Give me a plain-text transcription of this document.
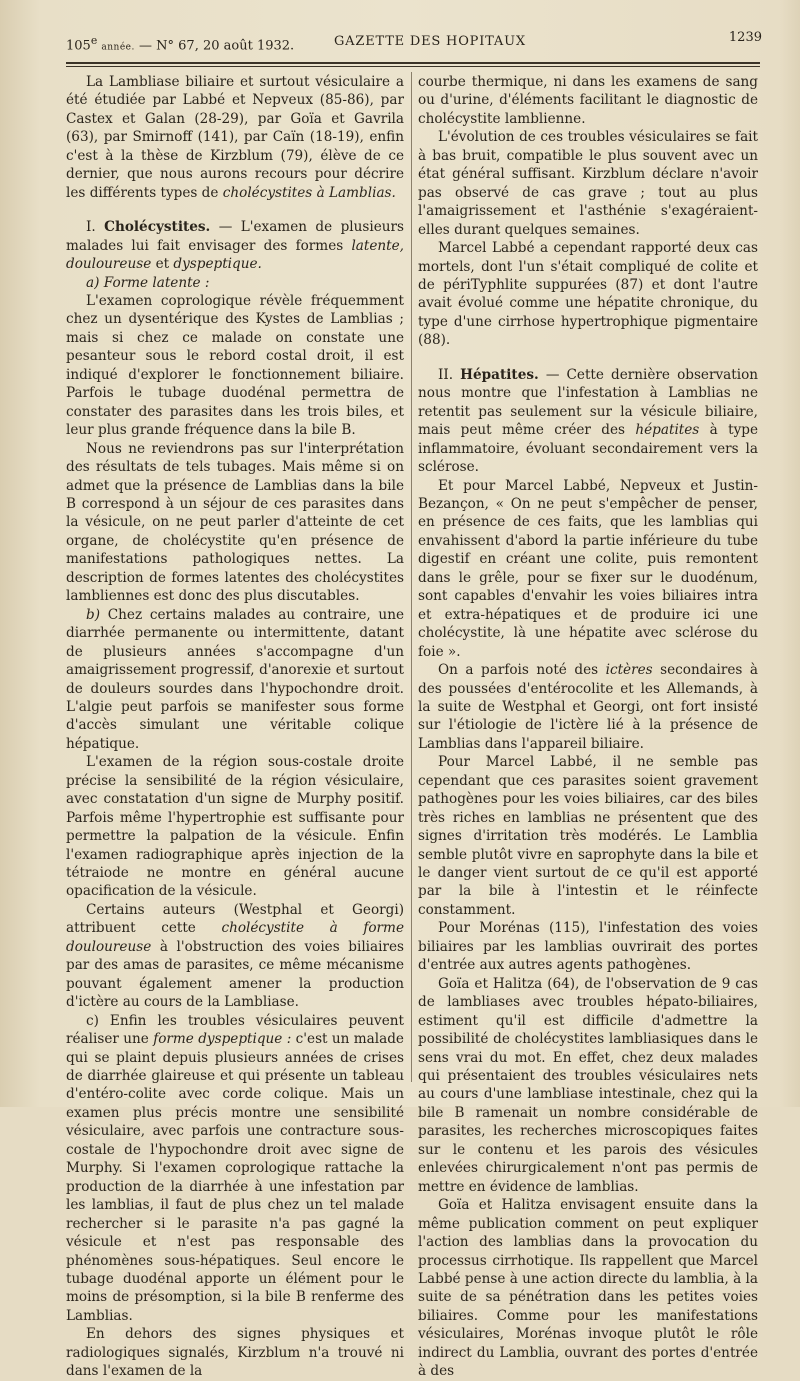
105e année. — N° 67, 20 août 1932.	GAZETTE DES HOPITAUX	1239

La Lambliase biliaire et surtout vésiculaire a été étudiée par Labbé et Nepveux (85-86), par Castex et Galan (28-29), par Goïa et Gavrila (63), par Smirnoff (141), par Caïn (18-19), enfin c'est à la thèse de Kirzblum (79), élève de ce dernier, que nous aurons recours pour décrire les différents types de cholécystites à Lamblias.

I. Cholécystites. — L'examen de plusieurs malades lui fait envisager des formes latente, douloureuse et dyspeptique.

a) Forme latente :

L'examen coprologique révèle fréquemment chez un dysentérique des Kystes de Lamblias ; mais si chez ce malade on constate une pesanteur sous le rebord costal droit, il est indiqué d'explorer le fonctionnement biliaire. Parfois le tubage duodénal permettra de constater des parasites dans les trois biles, et leur plus grande fréquence dans la bile B.

Nous ne reviendrons pas sur l'interprétation des résultats de tels tubages. Mais même si on admet que la présence de Lamblias dans la bile B correspond à un séjour de ces parasites dans la vésicule, on ne peut parler d'atteinte de cet organe, de cholécystite qu'en présence de manifestations pathologiques nettes. La description de formes latentes des cholécystites lambliennes est donc des plus discutables.

b) Chez certains malades au contraire, une diarrhée permanente ou intermittente, datant de plusieurs années s'accompagne d'un amaigrissement progressif, d'anorexie et surtout de douleurs sourdes dans l'hypochondre droit. L'algie peut parfois se manifester sous forme d'accès simulant une véritable colique hépatique.

L'examen de la région sous-costale droite précise la sensibilité de la région vésiculaire, avec constatation d'un signe de Murphy positif. Parfois même l'hypertrophie est suffisante pour permettre la palpation de la vésicule. Enfin l'examen radiographique après injection de la tétraiode ne montre en général aucune opacification de la vésicule.

Certains auteurs (Westphal et Georgi) attribuent cette cholécystite à forme douloureuse à l'obstruction des voies biliaires par des amas de parasites, ce même mécanisme pouvant également amener la production d'ictère au cours de la Lambliase.

c) Enfin les troubles vésiculaires peuvent réaliser une forme dyspeptique : c'est un malade qui se plaint depuis plusieurs années de crises de diarrhée glaireuse et qui présente un tableau d'entéro-colite avec corde colique. Mais un examen plus précis montre une sensibilité vésiculaire, avec parfois une contracture sous-costale de l'hypochondre droit avec signe de Murphy. Si l'examen coprologique rattache la production de la diarrhée à une infestation par les lamblias, il faut de plus chez un tel malade rechercher si le parasite n'a pas gagné la vésicule et n'est pas responsable des phénomènes sous-hépatiques. Seul encore le tubage duodénal apporte un élément pour le moins de présomption, si la bile B renferme des Lamblias.

En dehors des signes physiques et radiologiques signalés, Kirzblum n'a trouvé ni dans l'examen de la

courbe thermique, ni dans les examens de sang ou d'urine, d'éléments facilitant le diagnostic de cholécystite lamblienne.

L'évolution de ces troubles vésiculaires se fait à bas bruit, compatible le plus souvent avec un état général suffisant. Kirzblum déclare n'avoir pas observé de cas grave ; tout au plus l'amaigrissement et l'asthénie s'exagéraient-elles durant quelques semaines.

Marcel Labbé a cependant rapporté deux cas mortels, dont l'un s'était compliqué de colite et de périTyphlite suppurées (87) et dont l'autre avait évolué comme une hépatite chronique, du type d'une cirrhose hypertrophique pigmentaire (88).

II. Hépatites. — Cette dernière observation nous montre que l'infestation à Lamblias ne retentit pas seulement sur la vésicule biliaire, mais peut même créer des hépatites à type inflammatoire, évoluant secondairement vers la sclérose.

Et pour Marcel Labbé, Nepveux et Justin-Bezançon, « On ne peut s'empêcher de penser, en présence de ces faits, que les lamblias qui envahissent d'abord la partie inférieure du tube digestif en créant une colite, puis remontent dans le grêle, pour se fixer sur le duodénum, sont capables d'envahir les voies biliaires intra et extra-hépatiques et de produire ici une cholécystite, là une hépatite avec sclérose du foie ».

On a parfois noté des ictères secondaires à des poussées d'entérocolite et les Allemands, à la suite de Westphal et Georgi, ont fort insisté sur l'étiologie de l'ictère lié à la présence de Lamblias dans l'appareil biliaire.

Pour Marcel Labbé, il ne semble pas cependant que ces parasites soient gravement pathogènes pour les voies biliaires, car des biles très riches en lamblias ne présentent que des signes d'irritation très modérés. Le Lamblia semble plutôt vivre en saprophyte dans la bile et le danger vient surtout de ce qu'il est apporté par la bile à l'intestin et le réinfecte constamment.

Pour Morénas (115), l'infestation des voies biliaires par les lamblias ouvrirait des portes d'entrée aux autres agents pathogènes.

Goïa et Halitza (64), de l'observation de 9 cas de lambliases avec troubles hépato-biliaires, estiment qu'il est difficile d'admettre la possibilité de cholécystites lambliasiques dans le sens vrai du mot. En effet, chez deux malades qui présentaient des troubles vésiculaires nets au cours d'une lambliase intestinale, chez qui la bile B ramenait un nombre considérable de parasites, les recherches microscopiques faites sur le contenu et les parois des vésicules enlevées chirurgicalement n'ont pas permis de mettre en évidence de lamblias.

Goïa et Halitza envisagent ensuite dans la même publication comment on peut expliquer l'action des lamblias dans la provocation du processus cirrhotique. Ils rappellent que Marcel Labbé pense à une action directe du lamblia, à la suite de sa pénétration dans les petites voies biliaires. Comme pour les manifestations vésiculaires, Morénas invoque plutôt le rôle indirect du Lamblia, ouvrant des portes d'entrée à des
